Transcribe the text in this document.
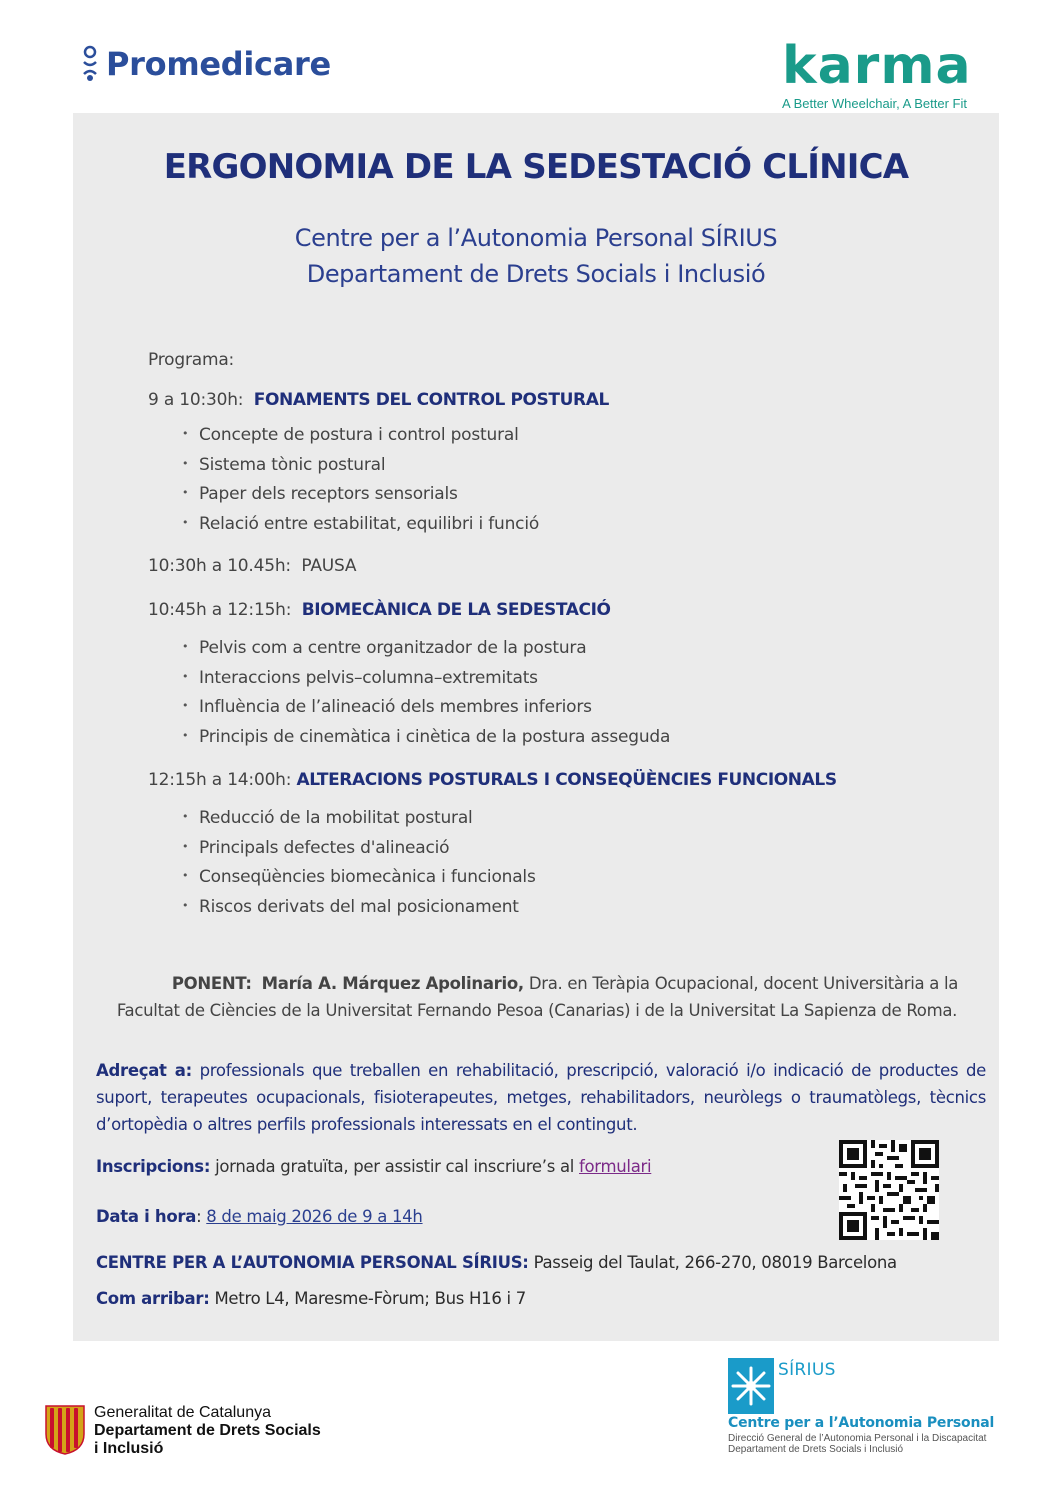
Promedicare	karma
A Better Wheelchair, A Better Fit
ERGONOMIA DE LA SEDESTACIÓ CLÍNICA
Centre per a l’Autonomia Personal SÍRIUS
Departament de Drets Socials i Inclusió
Programa:
9 a 10:30h: FONAMENTS DEL CONTROL POSTURAL
• Concepte de postura i control postural
• Sistema tònic postural
• Paper dels receptors sensorials
• Relació entre estabilitat, equilibri i funció
10:30h a 10.45h: PAUSA
10:45h a 12:15h: BIOMECÀNICA DE LA SEDESTACIÓ
• Pelvis com a centre organitzador de la postura
• Interaccions pelvis–columna–extremitats
• Influència de l’alineació dels membres inferiors
• Principis de cinemàtica i cinètica de la postura asseguda
12:15h a 14:00h: ALTERACIONS POSTURALS I CONSEQÜÈNCIES FUNCIONALS
• Reducció de la mobilitat postural
• Principals defectes d'alineació
• Conseqüències biomecànica i funcionals
• Riscos derivats del mal posicionament
PONENT: María A. Márquez Apolinario, Dra. en Teràpia Ocupacional, docent Universitària a la
Facultat de Ciències de la Universitat Fernando Pesoa (Canarias) i de la Universitat La Sapienza de Roma.
Adreçat a: professionals que treballen en rehabilitació, prescripció, valoració i/o indicació de productes de suport, terapeutes ocupacionals, fisioterapeutes, metges, rehabilitadors, neuròlegs o traumatòlegs, tècnics d’ortopèdia o altres perfils professionals interessats en el contingut.
Inscripcions: jornada gratuïta, per assistir cal inscriure’s al formulari
Data i hora: 8 de maig 2026 de 9 a 14h
CENTRE PER A L’AUTONOMIA PERSONAL SÍRIUS: Passeig del Taulat, 266-270, 08019 Barcelona
Com arribar: Metro L4, Maresme-Fòrum; Bus H16 i 7
Generalitat de Catalunya
Departament de Drets Socials
i Inclusió
SÍRIUS
Centre per a l’Autonomia Personal
Direcció General de l’Autonomia Personal i la Discapacitat
Departament de Drets Socials i Inclusió
